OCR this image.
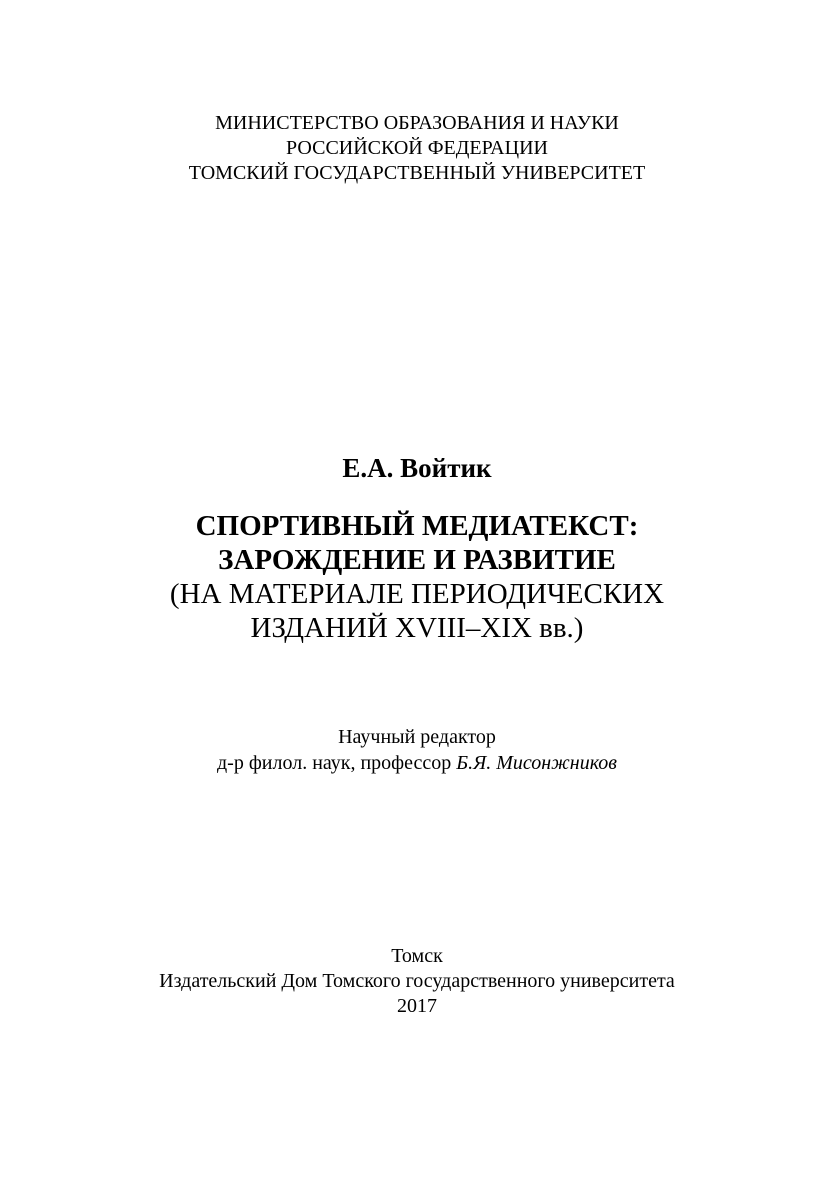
МИНИСТЕРСТВО ОБРАЗОВАНИЯ И НАУКИ
РОССИЙСКОЙ ФЕДЕРАЦИИ
ТОМСКИЙ ГОСУДАРСТВЕННЫЙ УНИВЕРСИТЕТ
Е.А. Войтик
СПОРТИВНЫЙ МЕДИАТЕКСТ:
ЗАРОЖДЕНИЕ И РАЗВИТИЕ
(НА МАТЕРИАЛЕ ПЕРИОДИЧЕСКИХ
ИЗДАНИЙ XVIII–XIX вв.)
Научный редактор
д-р филол. наук, профессор Б.Я. Мисонжников
Томск
Издательский Дом Томского государственного университета
2017
